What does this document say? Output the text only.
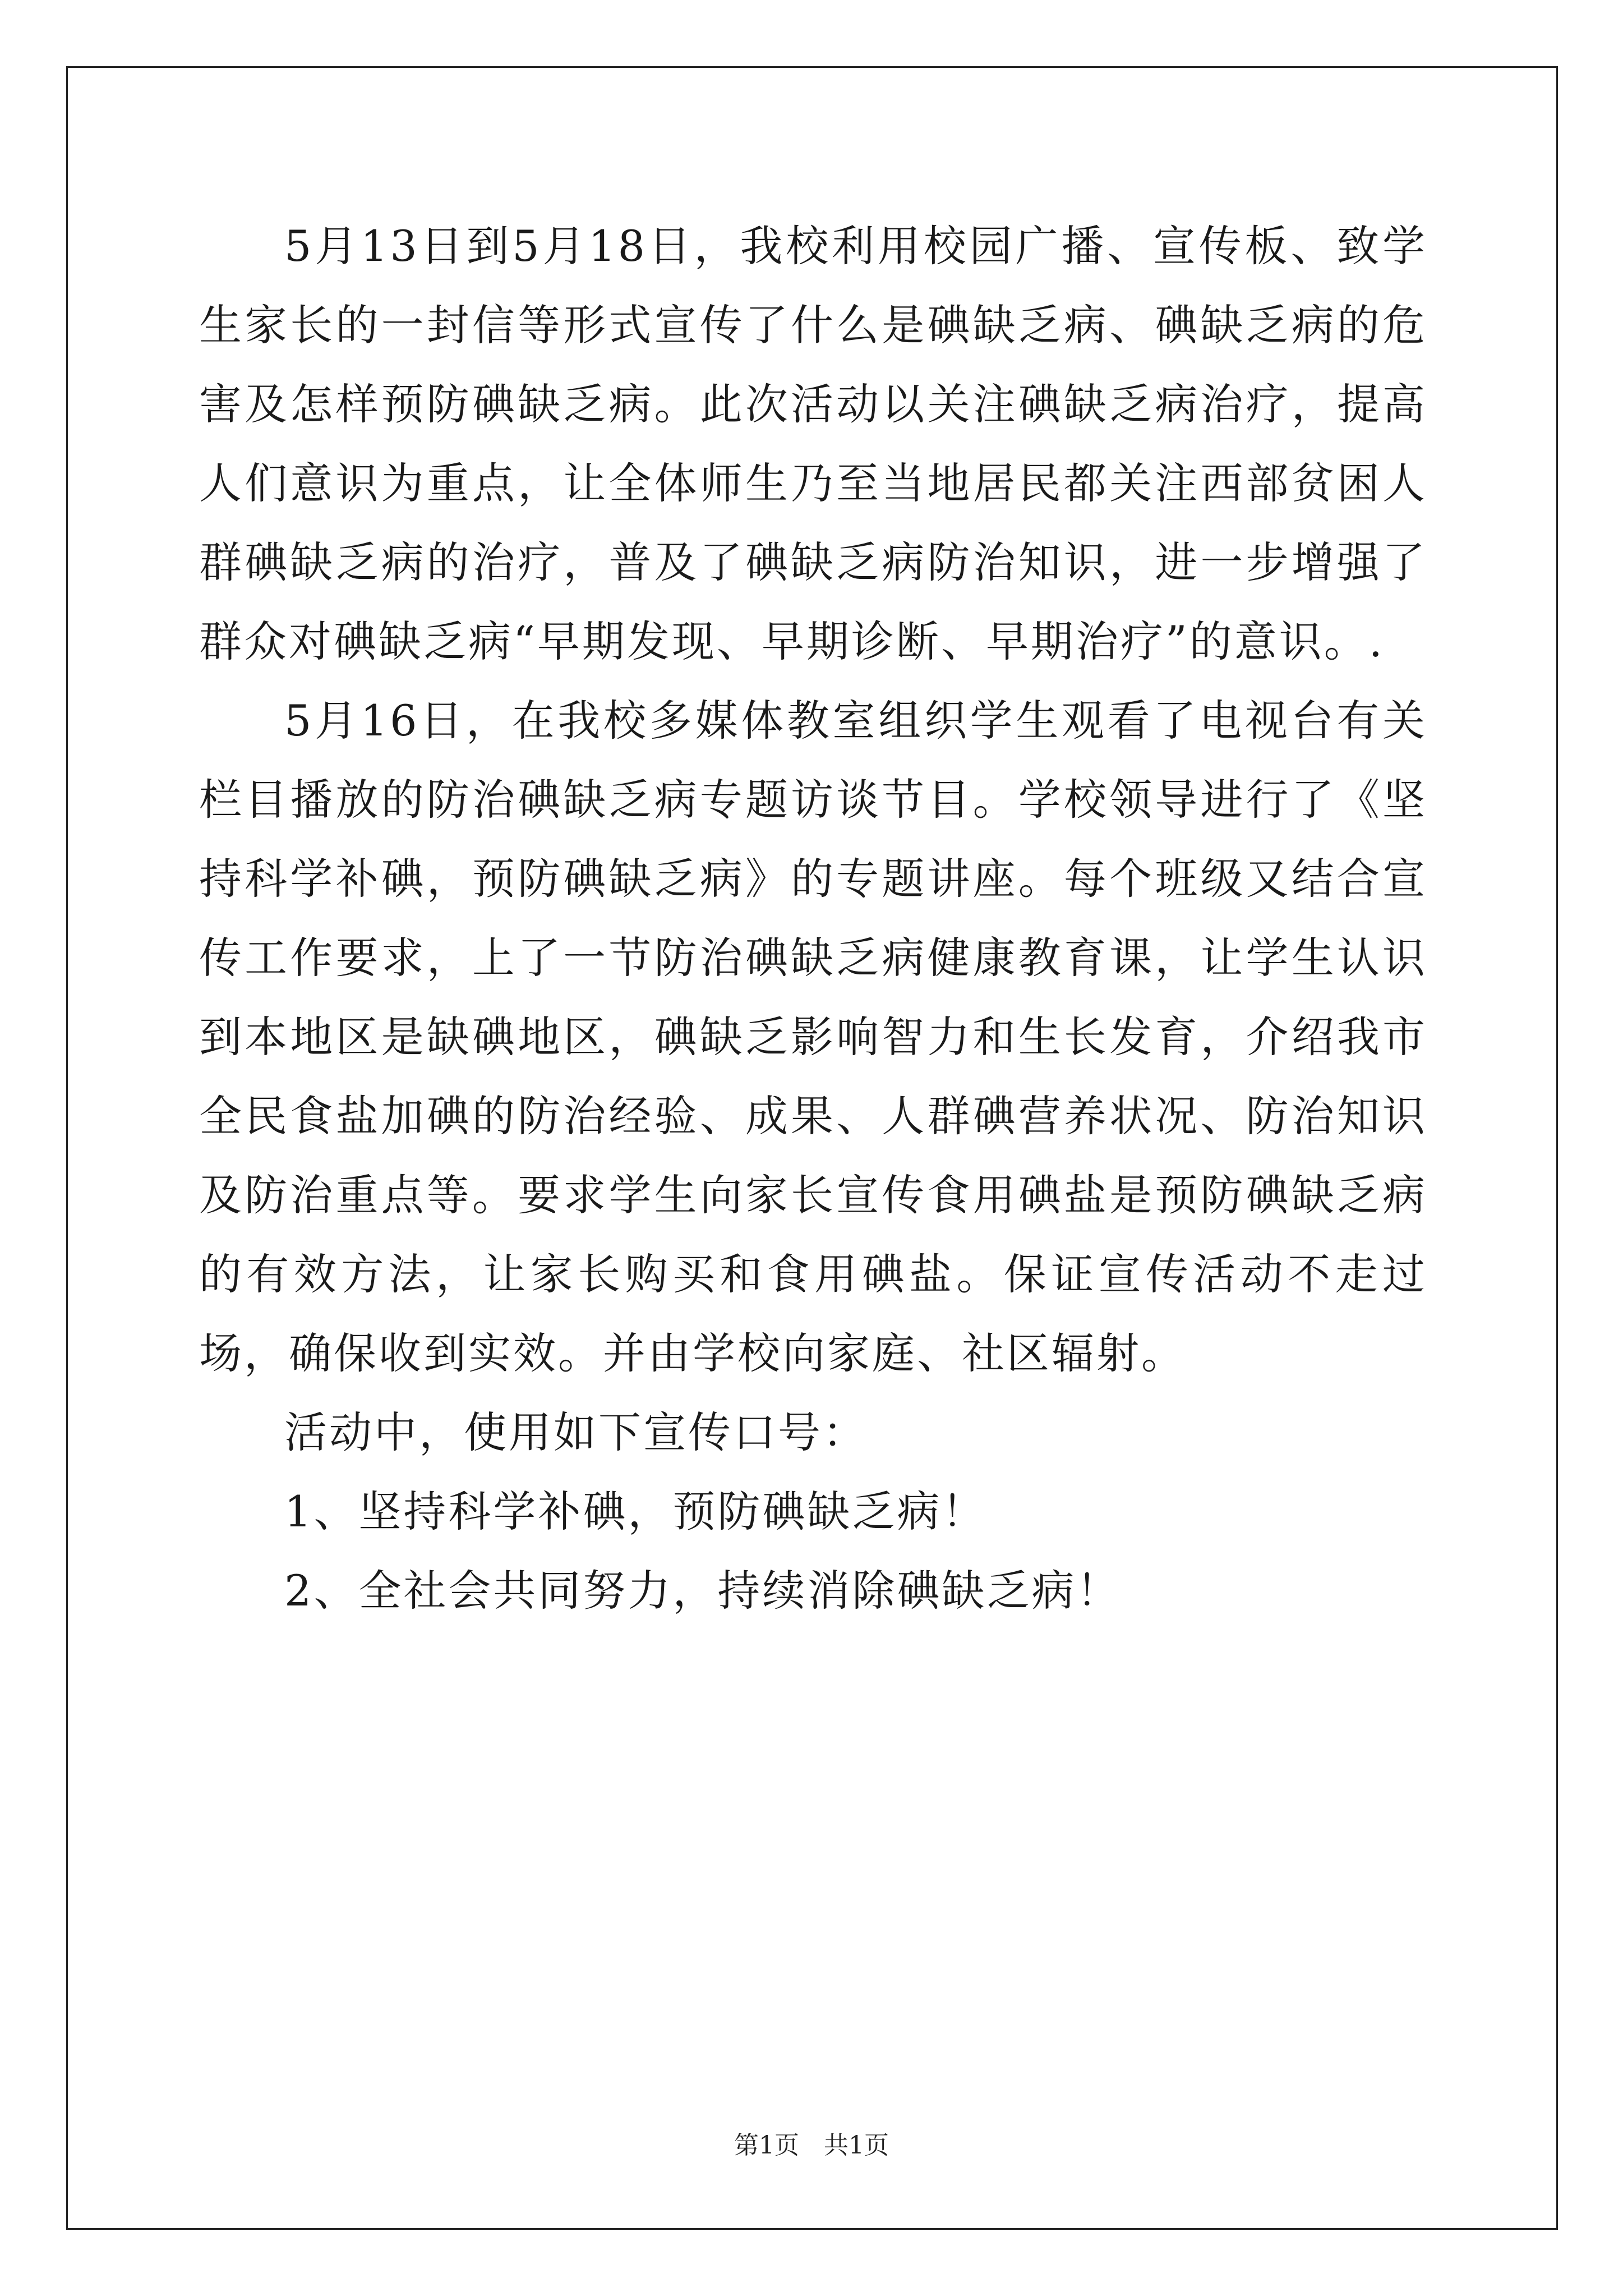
5月13日到5月18日，我校利用校园广播、宣传板、致学生家长的一封信等形式宣传了什么是碘缺乏病、碘缺乏病的危害及怎样预防碘缺乏病。此次活动以关注碘缺乏病治疗，提高人们意识为重点，让全体师生乃至当地居民都关注西部贫困人群碘缺乏病的治疗，普及了碘缺乏病防治知识，进一步增强了群众对碘缺乏病“早期发现、早期诊断、早期治疗”的意识。.

5月16日，在我校多媒体教室组织学生观看了电视台有关栏目播放的防治碘缺乏病专题访谈节目。学校领导进行了《坚持科学补碘，预防碘缺乏病》的专题讲座。每个班级又结合宣传工作要求，上了一节防治碘缺乏病健康教育课，让学生认识到本地区是缺碘地区，碘缺乏影响智力和生长发育，介绍我市全民食盐加碘的防治经验、成果、人群碘营养状况、防治知识及防治重点等。要求学生向家长宣传食用碘盐是预防碘缺乏病的有效方法，让家长购买和食用碘盐。保证宣传活动不走过场，确保收到实效。并由学校向家庭、社区辐射。

活动中，使用如下宣传口号：

1、坚持科学补碘，预防碘缺乏病！

2、全社会共同努力，持续消除碘缺乏病！

第1页 共1页
